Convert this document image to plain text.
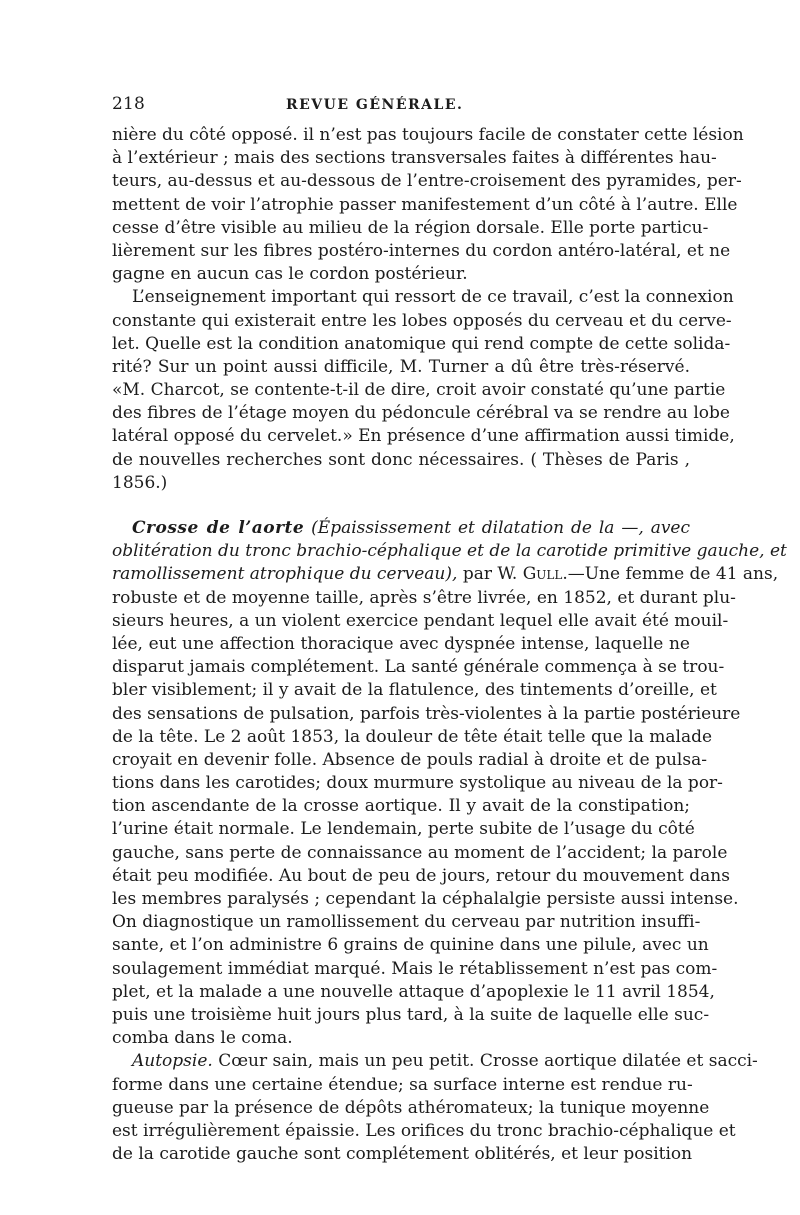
218	REVUE GÉNÉRALE.
nière du côté opposé. il n’est pas toujours facile de constater cette lésion
à l’extérieur ; mais des sections transversales faites à différentes hau-
teurs, au-dessus et au-dessous de l’entre-croisement des pyramides, per-
mettent de voir l’atrophie passer manifestement d’un côté à l’autre. Elle
cesse d’être visible au milieu de la région dorsale. Elle porte particu-
lièrement sur les fibres postéro-internes du cordon antéro-latéral, et ne
gagne en aucun cas le cordon postérieur.
L’enseignement important qui ressort de ce travail, c’est la connexion
constante qui existerait entre les lobes opposés du cerveau et du cerve-
let. Quelle est la condition anatomique qui rend compte de cette solida-
rité? Sur un point aussi difficile, M. Turner a dû être très-réservé.
«M. Charcot, se contente-t-il de dire, croit avoir constaté qu’une partie
des fibres de l’étage moyen du pédoncule cérébral va se rendre au lobe
latéral opposé du cervelet.» En présence d’une affirmation aussi timide,
de nouvelles recherches sont donc nécessaires. ( Thèses de Paris ,
1856.)
Crosse de l’aorte (Épaississement et dilatation de la —, avec
oblitération du tronc brachio-céphalique et de la carotide primitive gauche, et
ramollissement atrophique du cerveau), par W. Gull.—Une femme de 41 ans,
robuste et de moyenne taille, après s’être livrée, en 1852, et durant plu-
sieurs heures, a un violent exercice pendant lequel elle avait été mouil-
lée, eut une affection thoracique avec dyspnée intense, laquelle ne
disparut jamais complétement. La santé générale commença à se trou-
bler visiblement; il y avait de la flatulence, des tintements d’oreille, et
des sensations de pulsation, parfois très-violentes à la partie postérieure
de la tête. Le 2 août 1853, la douleur de tête était telle que la malade
croyait en devenir folle. Absence de pouls radial à droite et de pulsa-
tions dans les carotides; doux murmure systolique au niveau de la por-
tion ascendante de la crosse aortique. Il y avait de la constipation;
l’urine était normale. Le lendemain, perte subite de l’usage du côté
gauche, sans perte de connaissance au moment de l’accident; la parole
était peu modifiée. Au bout de peu de jours, retour du mouvement dans
les membres paralysés ; cependant la céphalalgie persiste aussi intense.
On diagnostique un ramollissement du cerveau par nutrition insuffi-
sante, et l’on administre 6 grains de quinine dans une pilule, avec un
soulagement immédiat marqué. Mais le rétablissement n’est pas com-
plet, et la malade a une nouvelle attaque d’apoplexie le 11 avril 1854,
puis une troisième huit jours plus tard, à la suite de laquelle elle suc-
comba dans le coma.
Autopsie. Cœur sain, mais un peu petit. Crosse aortique dilatée et sacci-
forme dans une certaine étendue; sa surface interne est rendue ru-
gueuse par la présence de dépôts athéromateux; la tunique moyenne
est irrégulièrement épaissie. Les orifices du tronc brachio-céphalique et
de la carotide gauche sont complétement oblitérés, et leur position
